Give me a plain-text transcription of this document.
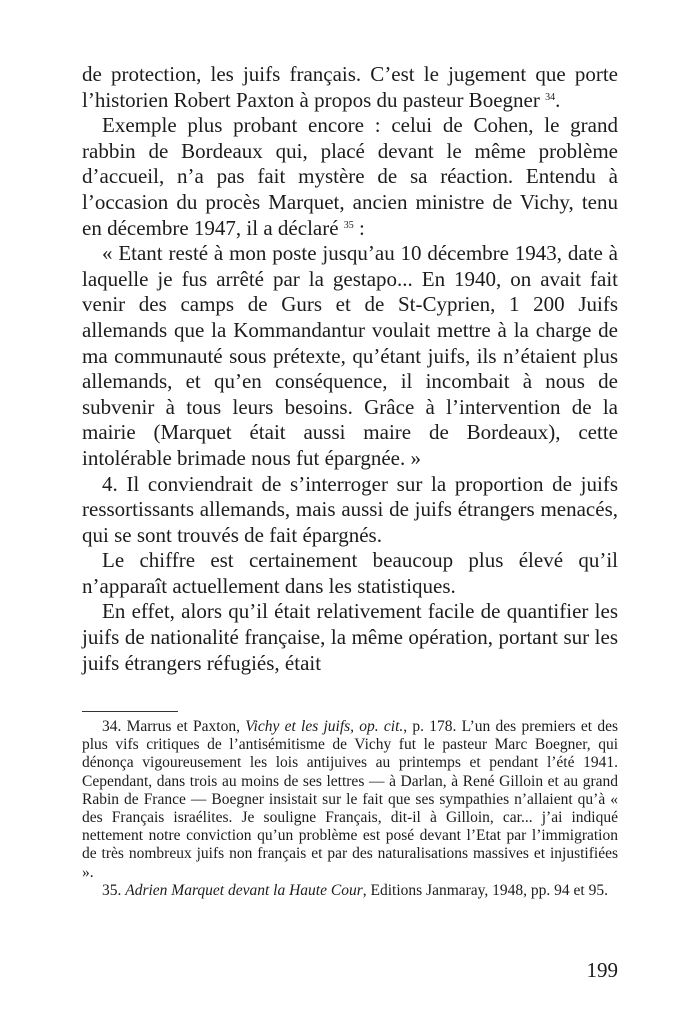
de protection, les juifs français. C’est le jugement que porte l’historien Robert Paxton à propos du pasteur Boegner $^{34}$.

Exemple plus probant encore : celui de Cohen, le grand rabbin de Bordeaux qui, placé devant le même problème d’accueil, n’a pas fait mystère de sa réaction. Entendu à l’occasion du procès Marquet, ancien ministre de Vichy, tenu en décembre 1947, il a déclaré $^{35}$ :

« Etant resté à mon poste jusqu’au 10 décembre 1943, date à laquelle je fus arrêté par la gestapo... En 1940, on avait fait venir des camps de Gurs et de St-Cyprien, 1 200 Juifs allemands que la Kommandantur voulait mettre à la charge de ma communauté sous prétexte, qu’étant juifs, ils n’étaient plus allemands, et qu’en conséquence, il incombait à nous de subvenir à tous leurs besoins. Grâce à l’intervention de la mairie (Marquet était aussi maire de Bordeaux), cette intolérable brimade nous fut épargnée. »

4. Il conviendrait de s’interroger sur la proportion de juifs ressortissants allemands, mais aussi de juifs étrangers menacés, qui se sont trouvés de fait épargnés.

Le chiffre est certainement beaucoup plus élevé qu’il n’apparaît actuellement dans les statistiques.

En effet, alors qu’il était relativement facile de quantifier les juifs de nationalité française, la même opération, portant sur les juifs étrangers réfugiés, était

34. Marrus et Paxton, Vichy et les juifs, op. cit., p. 178. L’un des premiers et des plus vifs critiques de l’antisémitisme de Vichy fut le pasteur Marc Boegner, qui dénonça vigoureusement les lois antijuives au printemps et pendant l’été 1941. Cependant, dans trois au moins de ses lettres — à Darlan, à René Gilloin et au grand Rabin de France — Boegner insistait sur le fait que ses sympathies n’allaient qu’à « des Français israélites. Je souligne Français, dit-il à Gilloin, car... j’ai indiqué nettement notre conviction qu’un problème est posé devant l’Etat par l’immigration de très nombreux juifs non français et par des naturalisations massives et injustifiées ».

35. Adrien Marquet devant la Haute Cour, Editions Janmaray, 1948, pp. 94 et 95.

199
